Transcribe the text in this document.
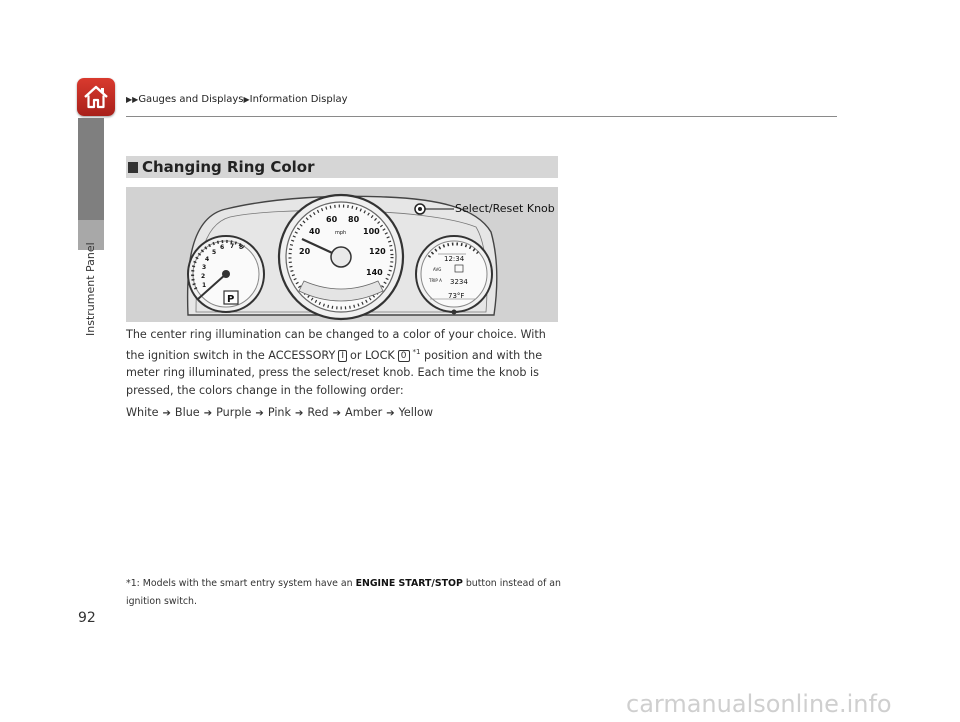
▶▶Gauges and Displays▶Information Display
Instrument Panel
Changing Ring Color
P
1
2
3
4
5
6 7 8	20
40
60 80
100
120
140
mph
12:34
AVG
TRIP A 3234
73°F
Select/Reset Knob
The center ring illumination can be changed to a color of your choice. With the ignition switch in the ACCESSORY I or LOCK 0 $^{*1}$ position and with the meter ring illuminated, press the select/reset knob. Each time the knob is pressed, the colors change in the following order:
White ➔ Blue ➔ Purple ➔ Pink ➔ Red ➔ Amber ➔ Yellow
*1: Models with the smart entry system have an ENGINE START/STOP button instead of an ignition switch.
92
carmanualsonline.info
